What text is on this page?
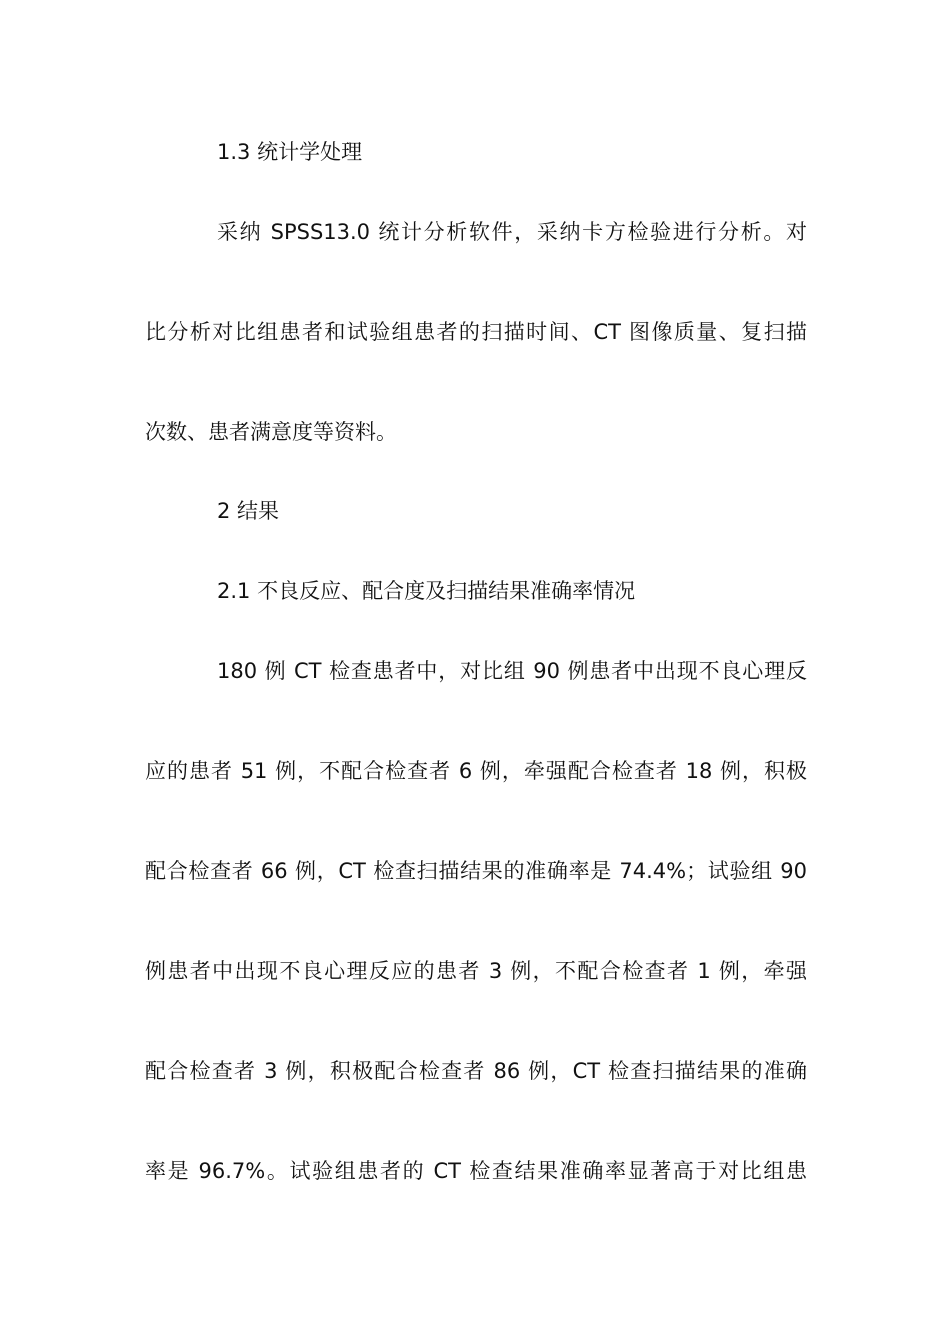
1.3 统计学处理
采纳 SPSS13.0 统计分析软件，采纳卡方检验进行分析。对
比分析对比组患者和试验组患者的扫描时间、CT 图像质量、复扫描
次数、患者满意度等资料。
2 结果
2.1 不良反应、配合度及扫描结果准确率情况
180 例 CT 检查患者中，对比组 90 例患者中出现不良心理反
应的患者 51 例，不配合检查者 6 例，牵强配合检查者 18 例，积极
配合检查者 66 例，CT 检查扫描结果的准确率是 74.4%；试验组 90
例患者中出现不良心理反应的患者 3 例，不配合检查者 1 例，牵强
配合检查者 3 例，积极配合检查者 86 例，CT 检查扫描结果的准确
率是 96.7%。试验组患者的 CT 检查结果准确率显著高于对比组患
